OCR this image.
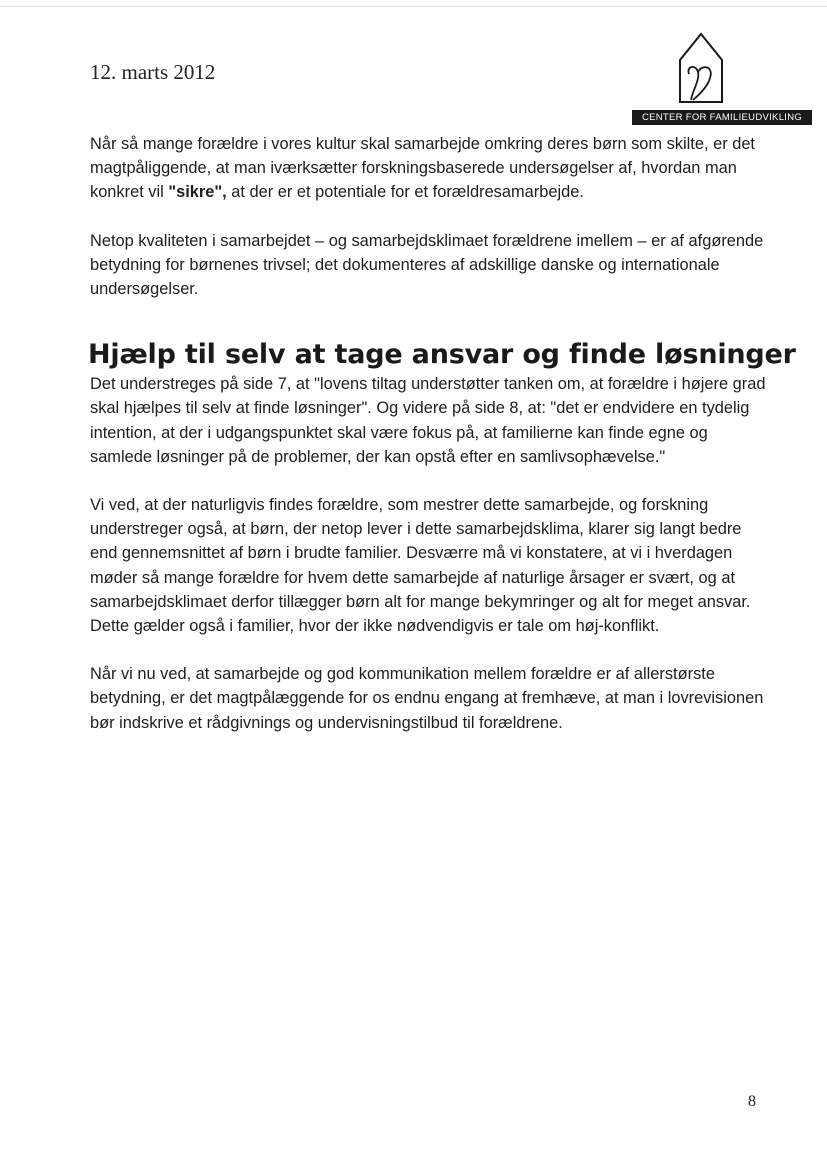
12. marts 2012
CENTER FOR FAMILIEUDVIKLING

Når så mange forældre i vores kultur skal samarbejde omkring deres børn som skilte, er det magtpåliggende, at man iværksætter forskningsbaserede undersøgelser af, hvordan man konkret vil "sikre", at der er et potentiale for et forældresamarbejde.

Netop kvaliteten i samarbejdet – og samarbejdsklimaet forældrene imellem – er af afgørende betydning for børnenes trivsel; det dokumenteres af adskillige danske og internationale undersøgelser.

Hjælp til selv at tage ansvar og finde løsninger

Det understreges på side 7, at "lovens tiltag understøtter tanken om, at forældre i højere grad skal hjælpes til selv at finde løsninger". Og videre på side 8, at: "det er endvidere en tydelig intention, at der i udgangspunktet skal være fokus på, at familierne kan finde egne og samlede løsninger på de problemer, der kan opstå efter en samlivsophævelse."

Vi ved, at der naturligvis findes forældre, som mestrer dette samarbejde, og forskning understreger også, at børn, der netop lever i dette samarbejdsklima, klarer sig langt bedre end gennemsnittet af børn i brudte familier. Desværre må vi konstatere, at vi i hverdagen møder så mange forældre for hvem dette samarbejde af naturlige årsager er svært, og at samarbejdsklimaet derfor tillægger børn alt for mange bekymringer og alt for meget ansvar. Dette gælder også i familier, hvor der ikke nødvendigvis er tale om høj-konflikt.

Når vi nu ved, at samarbejde og god kommunikation mellem forældre er af allerstørste betydning, er det magtpålæggende for os endnu engang at fremhæve, at man i lovrevisionen bør indskrive et rådgivnings og undervisningstilbud til forældrene.

8
